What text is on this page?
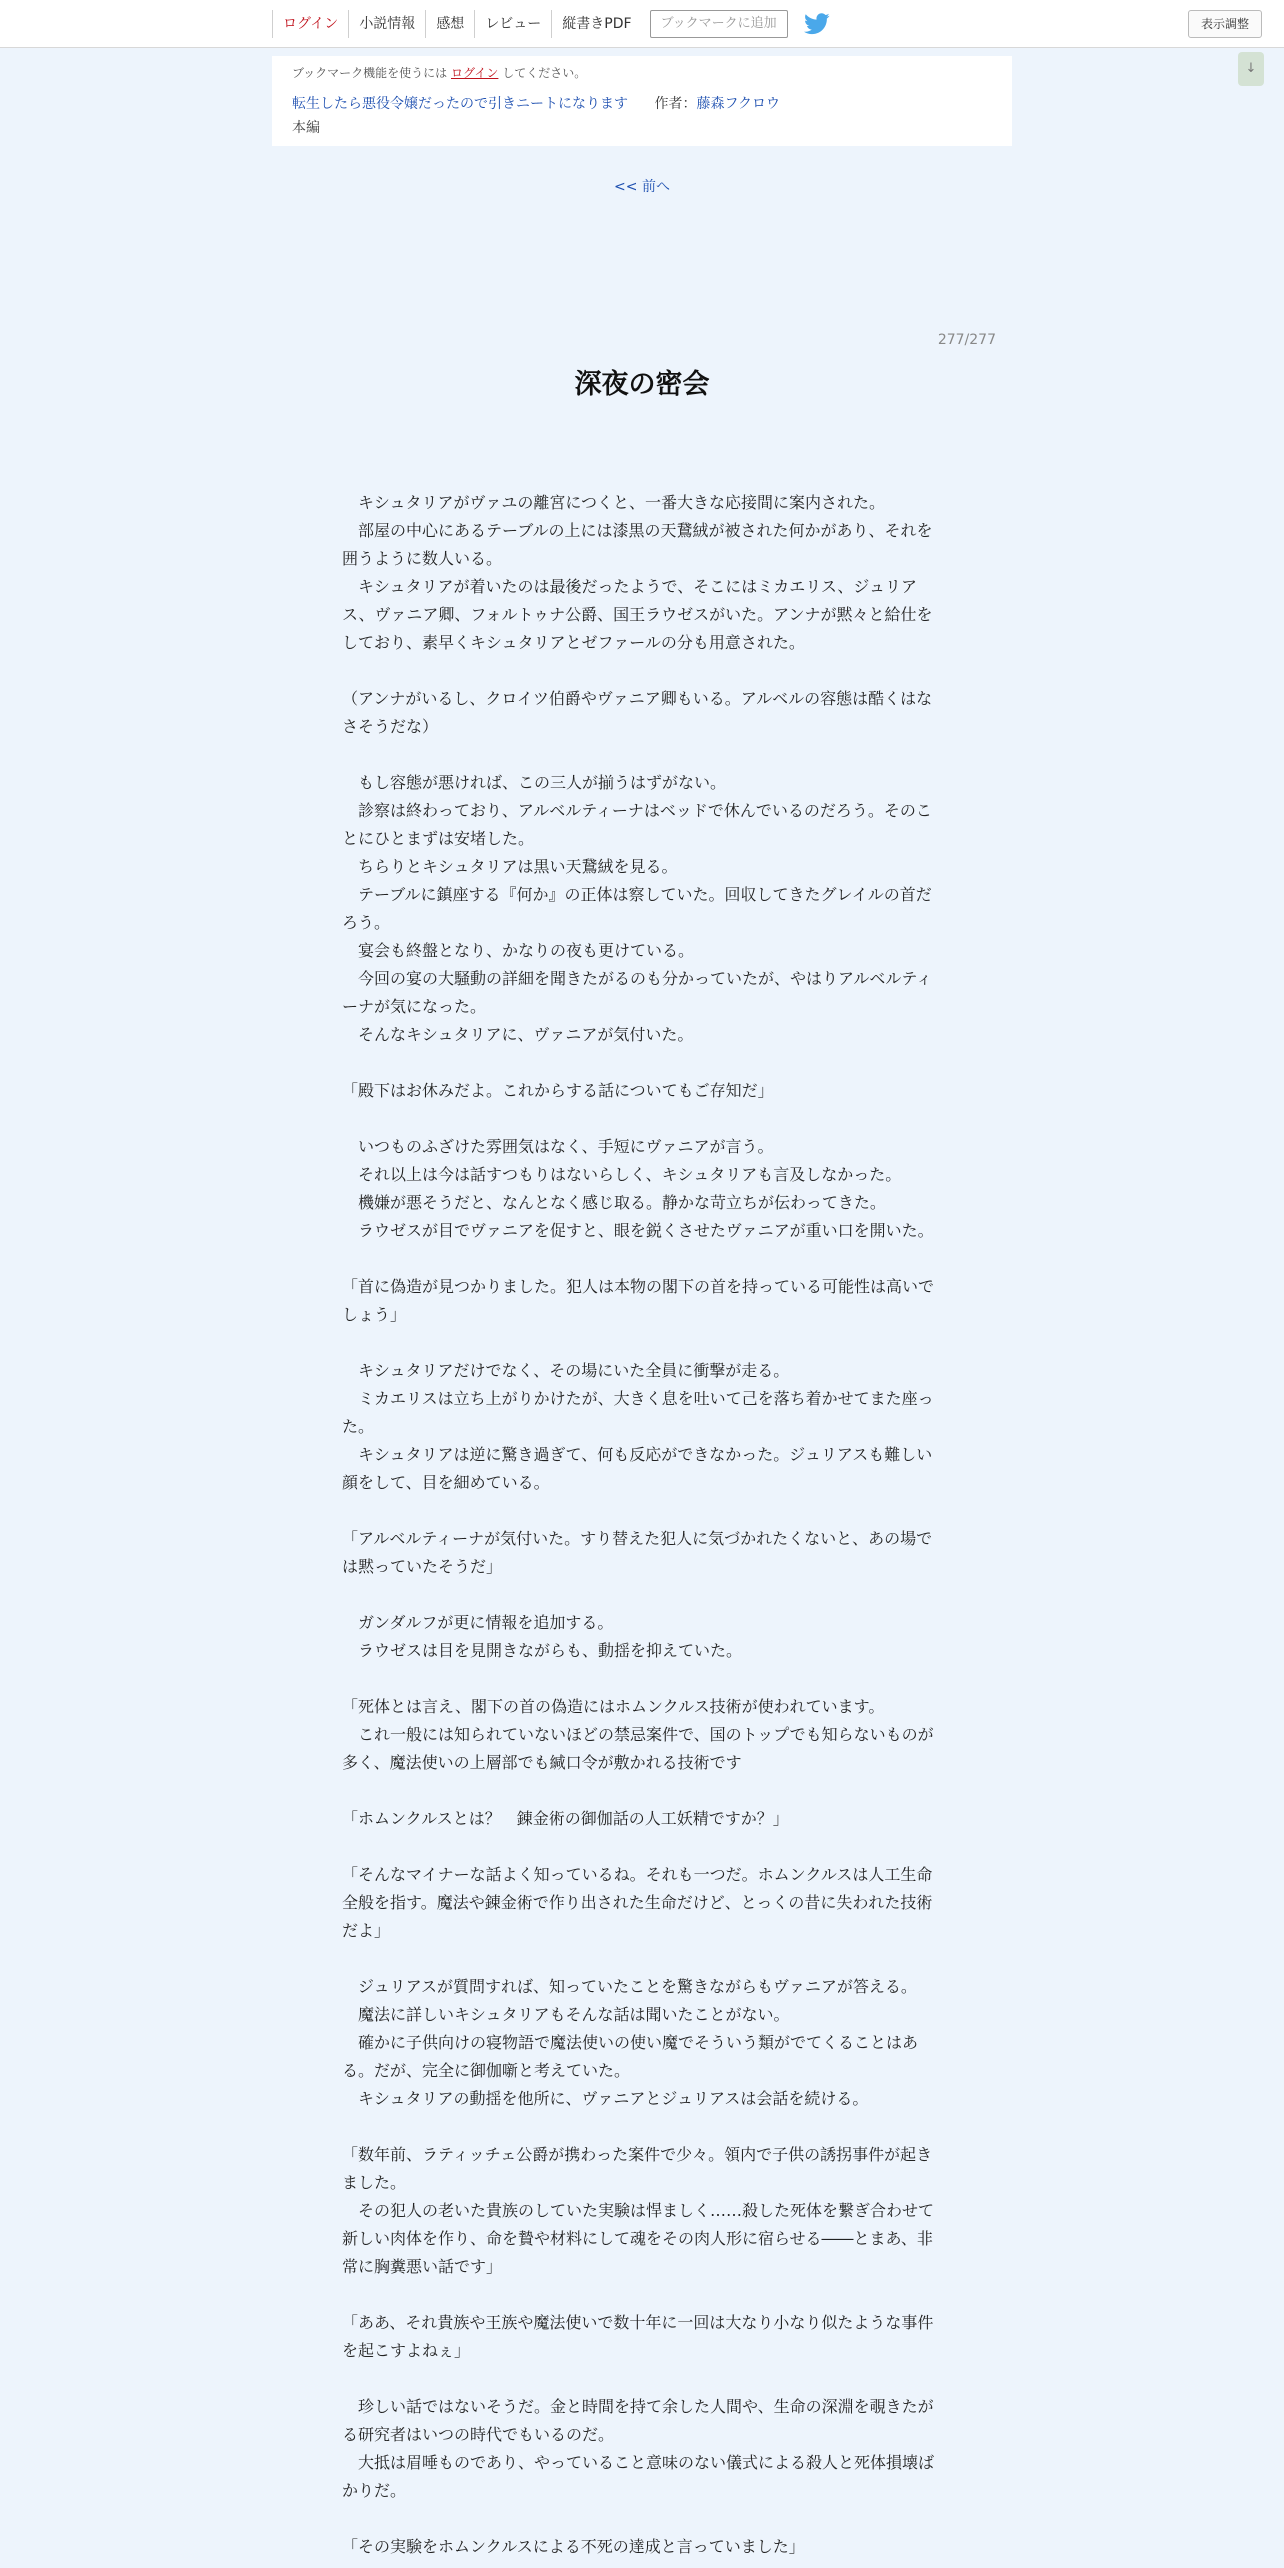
ログイン	小説情報	感想	レビュー	縦書きPDF	ブックマークに追加	表示調整
↓
ブックマーク機能を使うには ログイン してください。
転生したら悪役令嬢だったので引きニートになります 作者：藤森フクロウ
本編
<< 前へ
277/277
深夜の密会

　キシュタリアがヴァユの離宮につくと、一番大きな応接間に案内された。

　部屋の中心にあるテーブルの上には漆黒の天鵞絨が被された何かがあり、それを囲うように数人いる。

　キシュタリアが着いたのは最後だったようで、そこにはミカエリス、ジュリアス、ヴァニア卿、フォルトゥナ公爵、国王ラウゼスがいた。アンナが黙々と給仕をしており、素早くキシュタリアとゼファールの分も用意された。

（アンナがいるし、クロイツ伯爵やヴァニア卿もいる。アルベルの容態は酷くはなさそうだな）

　もし容態が悪ければ、この三人が揃うはずがない。

　診察は終わっており、アルベルティーナはベッドで休んでいるのだろう。そのことにひとまずは安堵した。

　ちらりとキシュタリアは黒い天鵞絨を見る。

　テーブルに鎮座する『何か』の正体は察していた。回収してきたグレイルの首だろう。

　宴会も終盤となり、かなりの夜も更けている。

　今回の宴の大騒動の詳細を聞きたがるのも分かっていたが、やはりアルベルティーナが気になった。

　そんなキシュタリアに、ヴァニアが気付いた。

「殿下はお休みだよ。これからする話についてもご存知だ」

　いつものふざけた雰囲気はなく、手短にヴァニアが言う。

　それ以上は今は話すつもりはないらしく、キシュタリアも言及しなかった。

　機嫌が悪そうだと、なんとなく感じ取る。静かな苛立ちが伝わってきた。

　ラウゼスが目でヴァニアを促すと、眼を鋭くさせたヴァニアが重い口を開いた。

「首に偽造が見つかりました。犯人は本物の閣下の首を持っている可能性は高いでしょう」

　キシュタリアだけでなく、その場にいた全員に衝撃が走る。

　ミカエリスは立ち上がりかけたが、大きく息を吐いて己を落ち着かせてまた座った。

　キシュタリアは逆に驚き過ぎて、何も反応ができなかった。ジュリアスも難しい顔をして、目を細めている。

「アルベルティーナが気付いた。すり替えた犯人に気づかれたくないと、あの場では黙っていたそうだ」

　ガンダルフが更に情報を追加する。

　ラウゼスは目を見開きながらも、動揺を抑えていた。

「死体とは言え、閣下の首の偽造にはホムンクルス技術が使われています。

　これ一般には知られていないほどの禁忌案件で、国のトップでも知らないものが多く、魔法使いの上層部でも緘口令が敷かれる技術です

「ホムンクルスとは？　錬金術の御伽話の人工妖精ですか？」

「そんなマイナーな話よく知っているね。それも一つだ。ホムンクルスは人工生命全般を指す。魔法や錬金術で作り出された生命だけど、とっくの昔に失われた技術だよ」

　ジュリアスが質問すれば、知っていたことを驚きながらもヴァニアが答える。

　魔法に詳しいキシュタリアもそんな話は聞いたことがない。

　確かに子供向けの寝物語で魔法使いの使い魔でそういう類がでてくることはある。だが、完全に御伽噺と考えていた。

　キシュタリアの動揺を他所に、ヴァニアとジュリアスは会話を続ける。

「数年前、ラティッチェ公爵が携わった案件で少々。領内で子供の誘拐事件が起きました。

　その犯人の老いた貴族のしていた実験は悍ましく……殺した死体を繋ぎ合わせて新しい肉体を作り、命を贄や材料にして魂をその肉人形に宿らせる――とまあ、非常に胸糞悪い話です」

「ああ、それ貴族や王族や魔法使いで数十年に一回は大なり小なり似たような事件を起こすよねぇ」

　珍しい話ではないそうだ。金と時間を持て余した人間や、生命の深淵を覗きたがる研究者はいつの時代でもいるのだ。

　大抵は眉唾ものであり、やっていること意味のない儀式による殺人と死体損壊ばかりだ。

「その実験をホムンクルスによる不死の達成と言っていました」
